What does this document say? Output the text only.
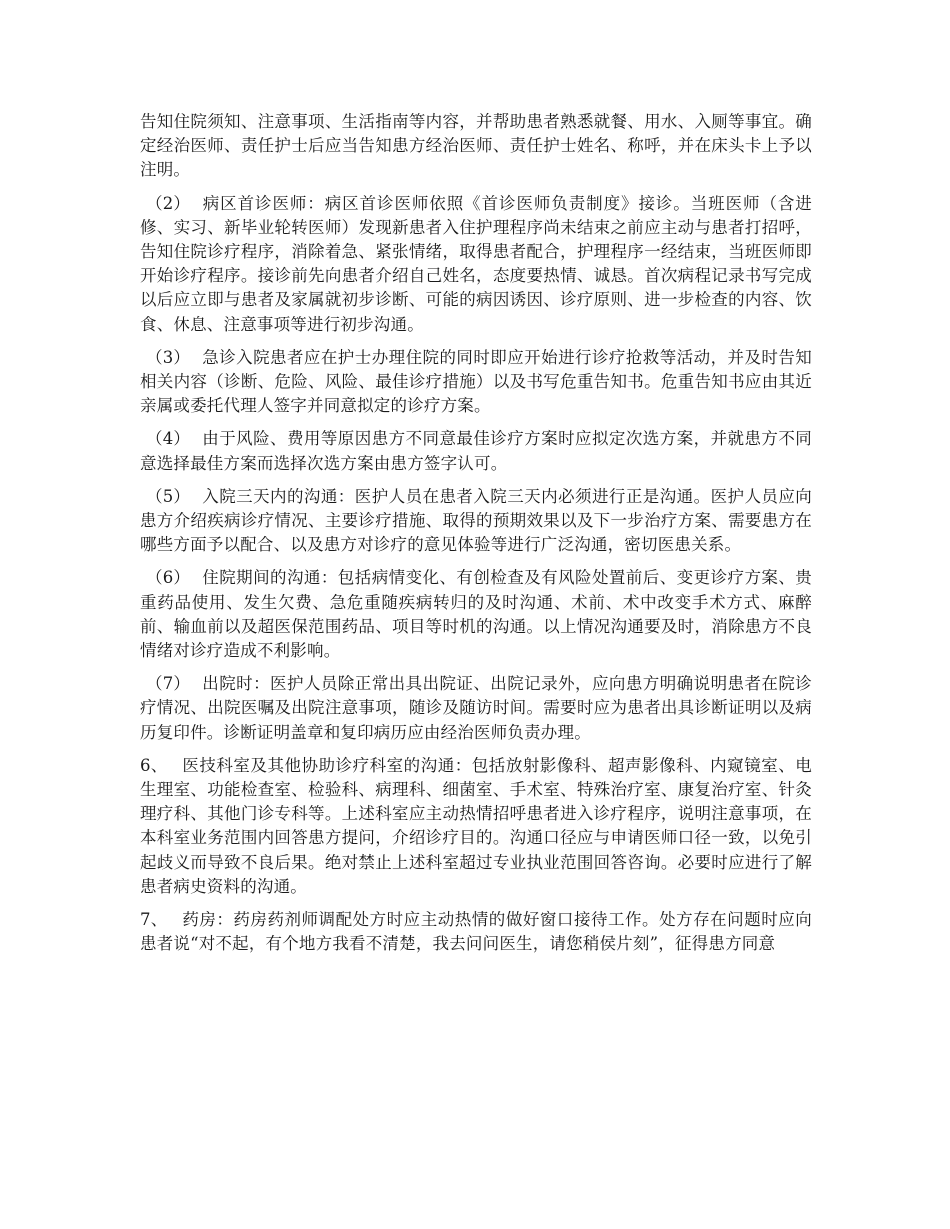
告知住院须知、注意事项、生活指南等内容，并帮助患者熟悉就餐、用水、入厕等事宜。确定经治医师、责任护士后应当告知患方经治医师、责任护士姓名、称呼，并在床头卡上予以注明。

（2） 病区首诊医师：病区首诊医师依照《首诊医师负责制度》接诊。当班医师（含进修、实习、新毕业轮转医师）发现新患者入住护理程序尚未结束之前应主动与患者打招呼，告知住院诊疗程序，消除着急、紧张情绪，取得患者配合，护理程序一经结束，当班医师即开始诊疗程序。接诊前先向患者介绍自己姓名，态度要热情、诚恳。首次病程记录书写完成以后应立即与患者及家属就初步诊断、可能的病因诱因、诊疗原则、进一步检查的内容、饮食、休息、注意事项等进行初步沟通。

（3） 急诊入院患者应在护士办理住院的同时即应开始进行诊疗抢救等活动，并及时告知相关内容（诊断、危险、风险、最佳诊疗措施）以及书写危重告知书。危重告知书应由其近亲属或委托代理人签字并同意拟定的诊疗方案。

（4） 由于风险、费用等原因患方不同意最佳诊疗方案时应拟定次选方案，并就患方不同意选择最佳方案而选择次选方案由患方签字认可。

（5） 入院三天内的沟通：医护人员在患者入院三天内必须进行正是沟通。医护人员应向患方介绍疾病诊疗情况、主要诊疗措施、取得的预期效果以及下一步治疗方案、需要患方在哪些方面予以配合、以及患方对诊疗的意见体验等进行广泛沟通，密切医患关系。

（6） 住院期间的沟通：包括病情变化、有创检查及有风险处置前后、变更诊疗方案、贵重药品使用、发生欠费、急危重随疾病转归的及时沟通、术前、术中改变手术方式、麻醉前、输血前以及超医保范围药品、项目等时机的沟通。以上情况沟通要及时，消除患方不良情绪对诊疗造成不利影响。

（7） 出院时：医护人员除正常出具出院证、出院记录外，应向患方明确说明患者在院诊疗情况、出院医嘱及出院注意事项，随诊及随访时间。需要时应为患者出具诊断证明以及病历复印件。诊断证明盖章和复印病历应由经治医师负责办理。

6、 医技科室及其他协助诊疗科室的沟通：包括放射影像科、超声影像科、内窥镜室、电生理室、功能检查室、检验科、病理科、细菌室、手术室、特殊治疗室、康复治疗室、针灸理疗科、其他门诊专科等。上述科室应主动热情招呼患者进入诊疗程序，说明注意事项，在本科室业务范围内回答患方提问，介绍诊疗目的。沟通口径应与申请医师口径一致，以免引起歧义而导致不良后果。绝对禁止上述科室超过专业执业范围回答咨询。必要时应进行了解患者病史资料的沟通。

7、 药房：药房药剂师调配处方时应主动热情的做好窗口接待工作。处方存在问题时应向患者说“对不起，有个地方我看不清楚，我去问问医生，请您稍侯片刻”，征得患方同意
